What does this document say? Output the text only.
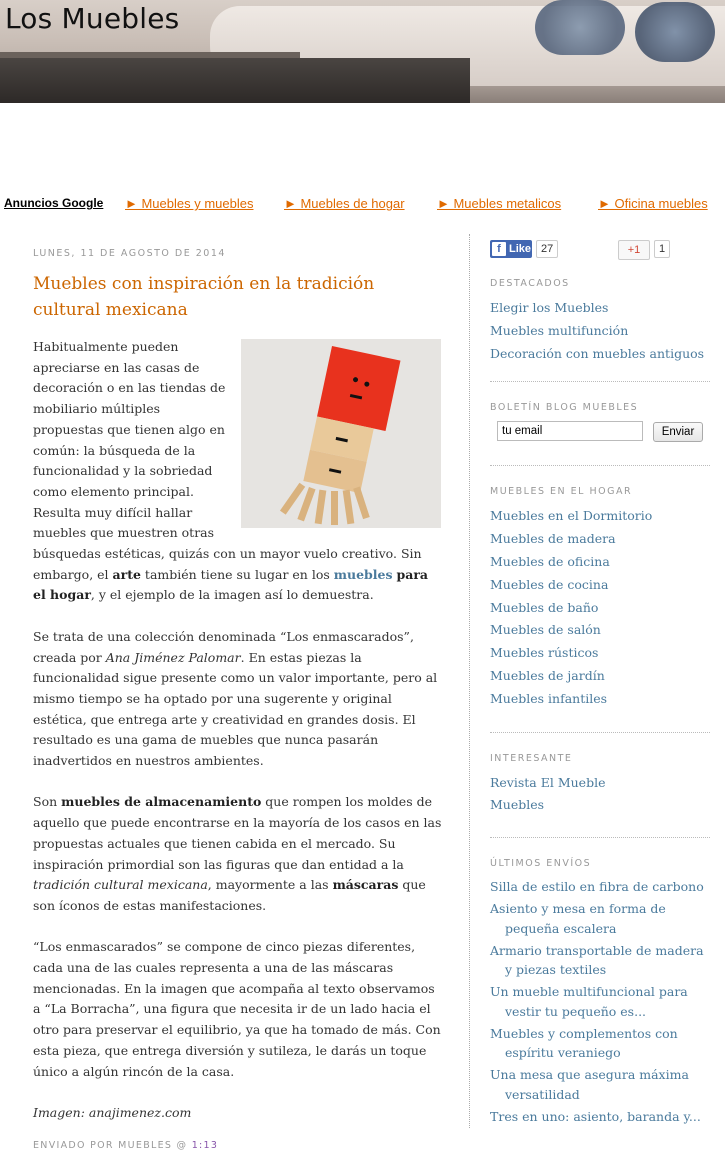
Los Muebles
Anuncios Google ► Muebles y muebles ► Muebles de hogar ► Muebles metalicos	► Oficina muebles
LUNES, 11 DE AGOSTO DE 2014
Muebles con inspiración en la tradición cultural mexicana

Habitualmente pueden apreciarse en las casas de decoración o en las tiendas de mobiliario múltiples propuestas que tienen algo en común: la búsqueda de la funcionalidad y la sobriedad como elemento principal. Resulta muy difícil hallar muebles que muestren otras búsquedas estéticas, quizás con un mayor vuelo creativo. Sin embargo, el arte también tiene su lugar en los muebles para el hogar, y el ejemplo de la imagen así lo demuestra.

Se trata de una colección denominada “Los enmascarados”, creada por Ana Jiménez Palomar. En estas piezas la funcionalidad sigue presente como un valor importante, pero al mismo tiempo se ha optado por una sugerente y original estética, que entrega arte y creatividad en grandes dosis. El resultado es una gama de muebles que nunca pasarán inadvertidos en nuestros ambientes.

Son muebles de almacenamiento que rompen los moldes de aquello que puede encontrarse en la mayoría de los casos en las propuestas actuales que tienen cabida en el mercado. Su inspiración primordial son las figuras que dan entidad a la tradición cultural mexicana, mayormente a las máscaras que son íconos de estas manifestaciones.

“Los enmascarados” se compone de cinco piezas diferentes, cada una de las cuales representa a una de las máscaras mencionadas. En la imagen que acompaña al texto observamos a “La Borracha”, una figura que necesita ir de un lado hacia el otro para preservar el equilibrio, ya que ha tomado de más. Con esta pieza, que entrega diversión y sutileza, le darás un toque único a algún rincón de la casa.

Imagen: anajimenez.com

ENVIADO POR MUEBLES @ 1:13
f Like 27	+1	1
DESTACADOS
Elegir los Muebles
Muebles multifunción
Decoración con muebles antiguos
BOLETÍN BLOG MUEBLES
tu email	Enviar
MUEBLES EN EL HOGAR
Muebles en el Dormitorio
Muebles de madera
Muebles de oficina
Muebles de cocina
Muebles de baño
Muebles de salón
Muebles rústicos
Muebles de jardín
Muebles infantiles
INTERESANTE
Revista El Mueble
Muebles
ÚLTIMOS ENVÍOS
Silla de estilo en fibra de carbono
Asiento y mesa en forma de pequeña escalera
Armario transportable de madera y piezas textiles
Un mueble multifuncional para vestir tu pequeño es...
Muebles y complementos con espíritu veraniego
Una mesa que asegura máxima versatilidad
Tres en uno: asiento, baranda y...
